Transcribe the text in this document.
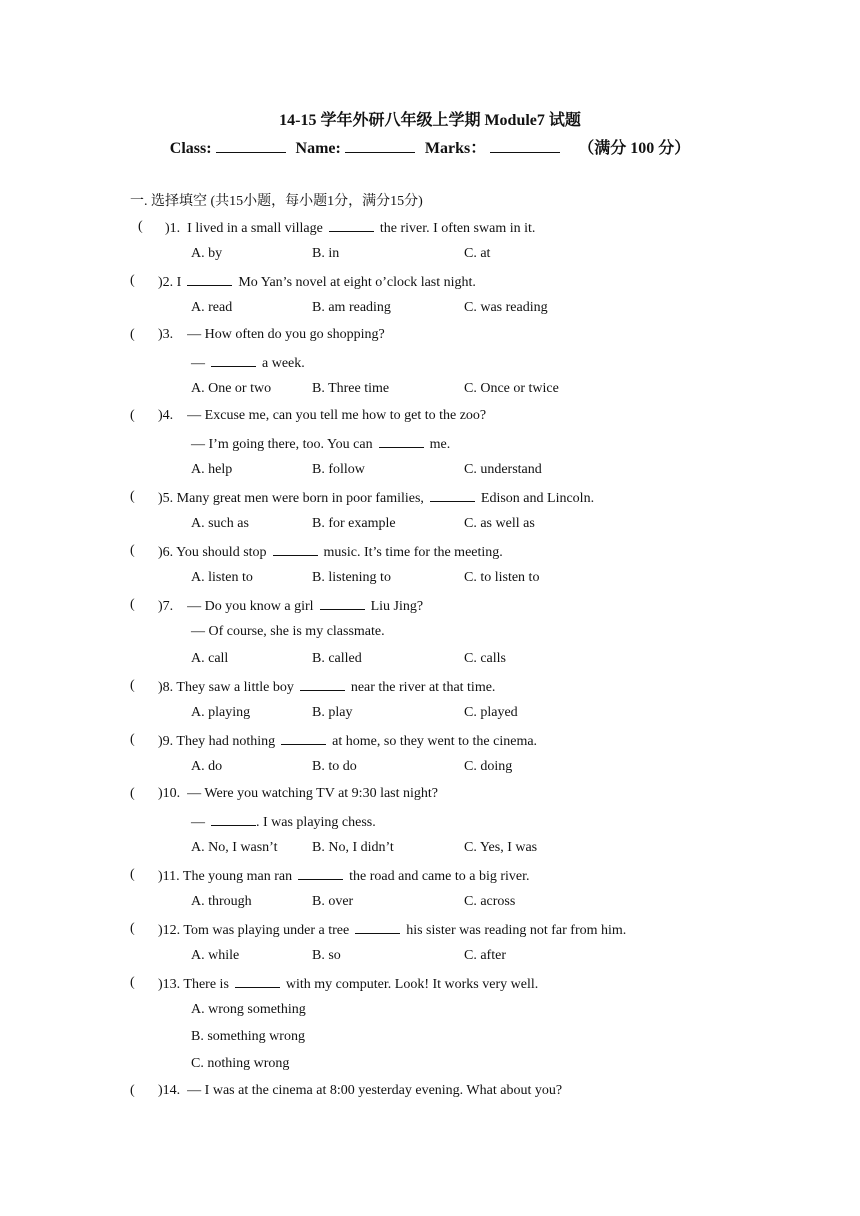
14-15 学年外研八年级上学期 Module7 试题
Class:	Name:	Marks：	（满分 100 分）
一. 选择填空 (共15小题，每小题1分，满分15分)
( )1. I lived in a small village	the river. I often swam in it.
A. by	B. in	C. at
( )2. I	Mo Yan’s novel at eight o’clock last night.
A. read	B. am reading	C. was reading
( )3. — How often do you go shopping?
—	a week.
A. One or two	B. Three time	C. Once or twice
( )4. — Excuse me, can you tell me how to get to the zoo?
— I’m going there, too. You can	me.
A. help	B. follow	C. understand
( )5. Many great men were born in poor families,	Edison and Lincoln.
A. such as	B. for example	C. as well as
( )6. You should stop	music. It’s time for the meeting.
A. listen to	B. listening to	C. to listen to
( )7. — Do you know a girl	Liu Jing?
— Of course, she is my classmate.
A. call	B. called	C. calls
( )8. They saw a little boy	near the river at that time.
A. playing	B. play	C. played
( )9. They had nothing	at home, so they went to the cinema.
A. do	B. to do	C. doing
( )10. — Were you watching TV at 9:30 last night?
—	. I was playing chess.
A. No, I wasn’t B. No, I didn’t	C. Yes, I was
( )11. The young man ran	the road and came to a big river.
A. through	B. over	C. across
( )12. Tom was playing under a tree	his sister was reading not far from him.
A. while	B. so	C. after
( )13. There is	with my computer. Look! It works very well.
A. wrong something
B. something wrong
C. nothing wrong
( )14. — I was at the cinema at 8:00 yesterday evening. What about you?
